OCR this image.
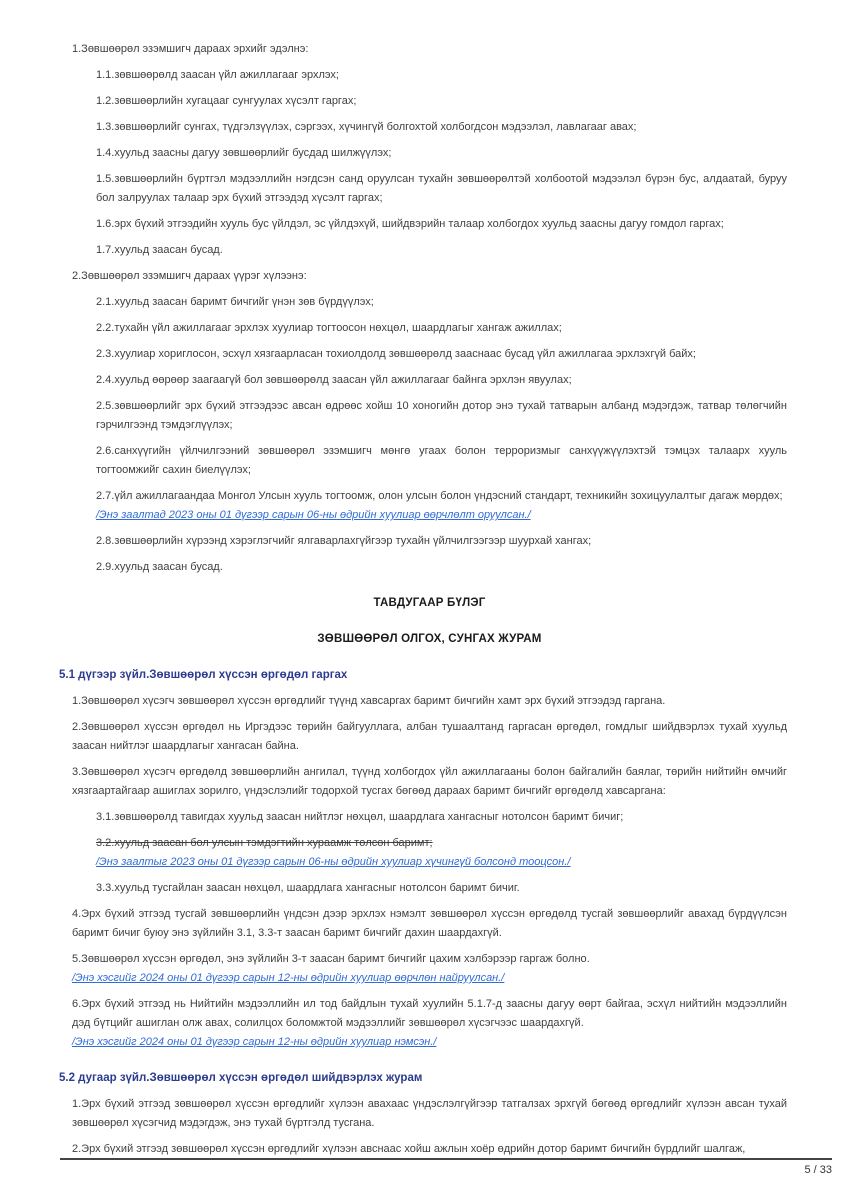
1.Зөвшөөрөл эзэмшигч дараах эрхийг эдэлнэ:
1.1.зөвшөөрөлд заасан үйл ажиллагааг эрхлэх;
1.2.зөвшөөрлийн хугацааг сунгуулах хүсэлт гаргах;
1.3.зөвшөөрлийг сунгах, түдгэлзүүлэх, сэргээх, хүчингүй болгохтой холбогдсон мэдээлэл, лавлагааг авах;
1.4.хуульд заасны дагуу зөвшөөрлийг бусдад шилжүүлэх;
1.5.зөвшөөрлийн бүртгэл мэдээллийн нэгдсэн санд оруулсан тухайн зөвшөөрөлтэй холбоотой мэдээлэл бүрэн бус, алдаатай, буруу бол залруулах талаар эрх бүхий этгээдэд хүсэлт гаргах;
1.6.эрх бүхий этгээдийн хууль бус үйлдэл, эс үйлдэхүй, шийдвэрийн талаар холбогдох хуульд заасны дагуу гомдол гаргах;
1.7.хуульд заасан бусад.
2.Зөвшөөрөл эзэмшигч дараах үүрэг хүлээнэ:
2.1.хуульд заасан баримт бичгийг үнэн зөв бүрдүүлэх;
2.2.тухайн үйл ажиллагааг эрхлэх хуулиар тогтоосон нөхцөл, шаардлагыг хангаж ажиллах;
2.3.хуулиар хориглосон, эсхүл хязгаарласан тохиолдолд зөвшөөрөлд зааснаас бусад үйл ажиллагаа эрхлэхгүй байх;
2.4.хуульд өөрөөр заагаагүй бол зөвшөөрөлд заасан үйл ажиллагааг байнга эрхлэн явуулах;
2.5.зөвшөөрлийг эрх бүхий этгээдээс авсан өдрөөс хойш 10 хоногийн дотор энэ тухай татварын албанд мэдэгдэж, татвар төлөгчийн гэрчилгээнд тэмдэглүүлэх;
2.6.санхүүгийн үйлчилгээний зөвшөөрөл эзэмшигч мөнгө угаах болон терроризмыг санхүүжүүлэхтэй тэмцэх талаарх хууль тогтоомжийг сахин биелүүлэх;
2.7.үйл ажиллагаандаа Монгол Улсын хууль тогтоомж, олон улсын болон үндэсний стандарт, техникийн зохицуулалтыг дагаж мөрдөх;
/Энэ заалтад 2023 оны 01 дүгээр сарын 06-ны өдрийн хуулиар өөрчлөлт оруулсан./
2.8.зөвшөөрлийн хүрээнд хэрэглэгчийг ялгаварлахгүйгээр тухайн үйлчилгээгээр шуурхай хангах;
2.9.хуульд заасан бусад.
ТАВДУГААР БҮЛЭГ
ЗӨВШӨӨРӨЛ ОЛГОХ, СУНГАХ ЖУРАМ
5.1 дүгээр зүйл.Зөвшөөрөл хүссэн өргөдөл гаргах
1.Зөвшөөрөл хүсэгч зөвшөөрөл хүссэн өргөдлийг түүнд хавсаргах баримт бичгийн хамт эрх бүхий этгээдэд гаргана.
2.Зөвшөөрөл хүссэн өргөдөл нь Иргэдээс төрийн байгууллага, албан тушаалтанд гаргасан өргөдөл, гомдлыг шийдвэрлэх тухай хуульд заасан нийтлэг шаардлагыг хангасан байна.
3.Зөвшөөрөл хүсэгч өргөдөлд зөвшөөрлийн ангилал, түүнд холбогдох үйл ажиллагааны болон байгалийн баялаг, төрийн нийтийн өмчийг хязгаартайгаар ашиглах зорилго, үндэслэлийг тодорхой тусгах бөгөөд дараах баримт бичгийг өргөдөлд хавсаргана:
3.1.зөвшөөрөлд тавигдах хуульд заасан нийтлэг нөхцөл, шаардлага хангасныг нотолсон баримт бичиг;
3.2.хуульд заасан бол улсын тэмдэгтийн хураамж төлсөн баримт;
/Энэ заалтыг 2023 оны 01 дүгээр сарын 06-ны өдрийн хуулиар хүчингүй болсонд тооцсон./
3.3.хуульд тусгайлан заасан нөхцөл, шаардлага хангасныг нотолсон баримт бичиг.
4.Эрх бүхий этгээд тусгай зөвшөөрлийн үндсэн дээр эрхлэх нэмэлт зөвшөөрөл хүссэн өргөдөлд тусгай зөвшөөрлийг авахад бүрдүүлсэн баримт бичиг буюу энэ зүйлийн 3.1, 3.3-т заасан баримт бичгийг дахин шаардахгүй.
5.Зөвшөөрөл хүссэн өргөдөл, энэ зүйлийн 3-т заасан баримт бичгийг цахим хэлбэрээр гаргаж болно.
/Энэ хэсгийг 2024 оны 01 дүгээр сарын 12-ны өдрийн хуулиар өөрчлөн найруулсан./
6.Эрх бүхий этгээд нь Нийтийн мэдээллийн ил тод байдлын тухай хуулийн 5.1.7-д заасны дагуу өөрт байгаа, эсхүл нийтийн мэдээллийн дэд бүтцийг ашиглан олж авах, солилцох боломжтой мэдээллийг зөвшөөрөл хүсэгчээс шаардахгүй.
/Энэ хэсгийг 2024 оны 01 дүгээр сарын 12-ны өдрийн хуулиар нэмсэн./
5.2 дугаар зүйл.Зөвшөөрөл хүссэн өргөдөл шийдвэрлэх журам
1.Эрх бүхий этгээд зөвшөөрөл хүссэн өргөдлийг хүлээн авахаас үндэслэлгүйгээр татгалзах эрхгүй бөгөөд өргөдлийг хүлээн авсан тухай зөвшөөрөл хүсэгчид мэдэгдэж, энэ тухай бүртгэлд тусгана.
2.Эрх бүхий этгээд зөвшөөрөл хүссэн өргөдлийг хүлээн авснаас хойш ажлын хоёр өдрийн дотор баримт бичгийн бүрдлийг шалгаж,
5 / 33
